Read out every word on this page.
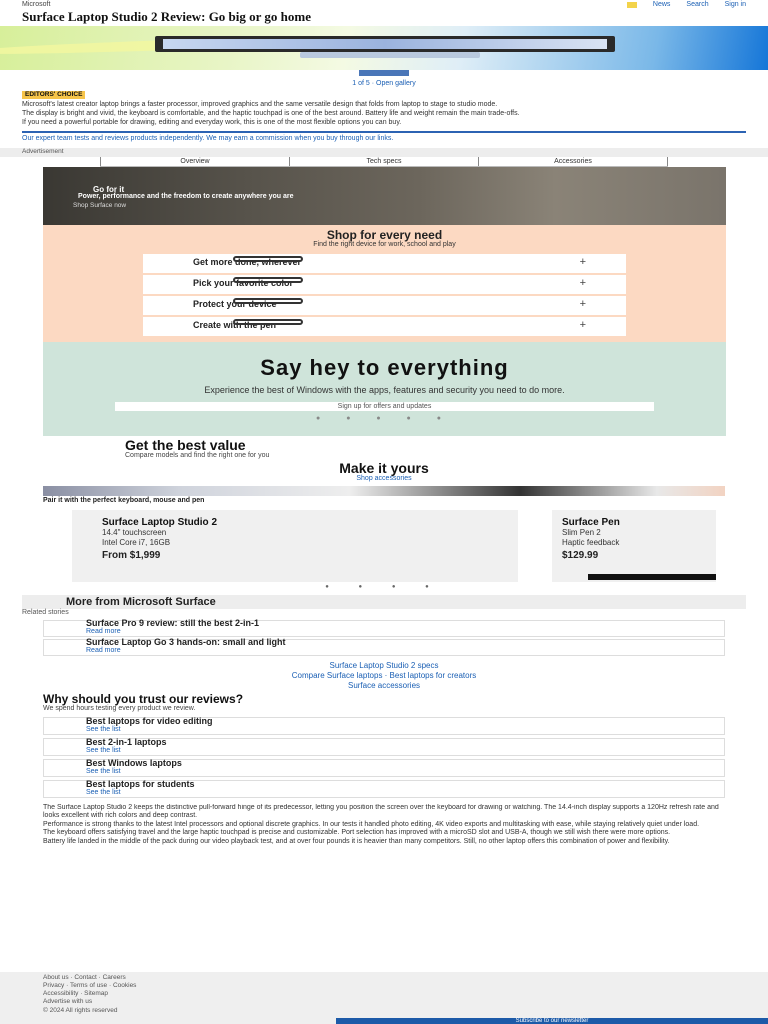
Microsoft	News Search Sign in
Surface Laptop Studio 2 Review: Go big or go home
1 of 5 · Open gallery
EDITORS' CHOICE

Microsoft's latest creator laptop brings a faster processor, improved graphics and the same versatile design that folds from laptop to stage to studio mode.

The display is bright and vivid, the keyboard is comfortable, and the haptic touchpad is one of the best around. Battery life and weight remain the main trade-offs.

If you need a powerful portable for drawing, editing and everyday work, this is one of the most flexible options you can buy.

Our expert team tests and reviews products independently. We may earn a commission when you buy through our links.
Advertisement
Overview	Tech specs	Accessories
Go for it
Power, performance and the freedom to create anywhere you are
Shop Surface now
Shop for every need
Find the right device for work, school and play
Get more done, wherever	+
Pick your favorite color	+
Protect your device	+
Create with the pen	+
Say hey to everything
Experience the best of Windows with the apps, features and security you need to do more.
Sign up for offers and updates
● ● ● ● ●
Get the best value
Compare models and find the right one for you
Make it yours
Shop accessories
Pair it with the perfect keyboard, mouse and pen
Surface Laptop Studio 2
14.4" touchscreen
Intel Core i7, 16GB
From $1,999
Surface Pen
Slim Pen 2
Haptic feedback
$129.99
● ● ● ●
More from Microsoft Surface
Related stories
Surface Pro 9 review: still the best 2-in-1
Read more
Surface Laptop Go 3 hands-on: small and light
Read more
Surface Laptop Studio 2 specs
Compare Surface laptops · Best laptops for creators
Surface accessories
Why should you trust our reviews?
We spend hours testing every product we review.
Best laptops for video editing
See the list
Best 2-in-1 laptops
See the list
Best Windows laptops
See the list
Best laptops for students
See the list

The Surface Laptop Studio 2 keeps the distinctive pull-forward hinge of its predecessor, letting you position the screen over the keyboard for drawing or watching. The 14.4-inch display supports a 120Hz refresh rate and looks excellent with rich colors and deep contrast.

Performance is strong thanks to the latest Intel processors and optional discrete graphics. In our tests it handled photo editing, 4K video exports and multitasking with ease, while staying relatively quiet under load.

The keyboard offers satisfying travel and the large haptic touchpad is precise and customizable. Port selection has improved with a microSD slot and USB-A, though we still wish there were more options.

Battery life landed in the middle of the pack during our video playback test, and at over four pounds it is heavier than many competitors. Still, no other laptop offers this combination of power and flexibility.

About us · Contact · Careers
Privacy · Terms of use · Cookies
Accessibility · Sitemap
Advertise with us
© 2024 All rights reserved
Subscribe to our newsletter
